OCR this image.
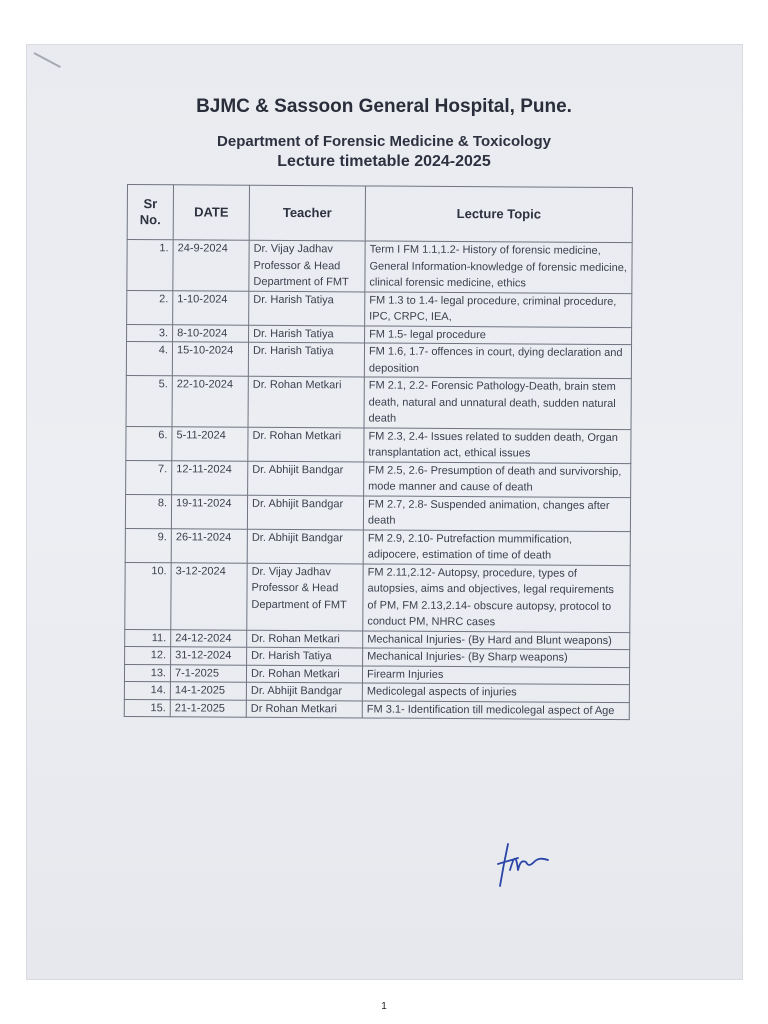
BJMC & Sassoon General Hospital, Pune.
Department of Forensic Medicine & Toxicology
Lecture timetable 2024-2025
Sr No.	DATE	Teacher	Lecture Topic
1.	24-9-2024	Dr. Vijay Jadhav Professor & Head Department of FMT	Term I FM 1.1,1.2- History of forensic medicine, General Information-knowledge of forensic medicine, clinical forensic medicine, ethics
2.	1-10-2024	Dr. Harish Tatiya	FM 1.3 to 1.4- legal procedure, criminal procedure, IPC, CRPC, IEA,
3.	8-10-2024	Dr. Harish Tatiya	FM 1.5- legal procedure
4.	15-10-2024	Dr. Harish Tatiya	FM 1.6, 1.7- offences in court, dying declaration and deposition
5.	22-10-2024	Dr. Rohan Metkari	FM 2.1, 2.2- Forensic Pathology-Death, brain stem death, natural and unnatural death, sudden natural death
6.	5-11-2024	Dr. Rohan Metkari	FM 2.3, 2.4- Issues related to sudden death, Organ transplantation act, ethical issues
7.	12-11-2024	Dr. Abhijit Bandgar	FM 2.5, 2.6- Presumption of death and survivorship, mode manner and cause of death
8.	19-11-2024	Dr. Abhijit Bandgar	FM 2.7, 2.8- Suspended animation, changes after death
9.	26-11-2024	Dr. Abhijit Bandgar	FM 2.9, 2.10- Putrefaction mummification, adipocere, estimation of time of death
10.	3-12-2024	Dr. Vijay Jadhav Professor & Head Department of FMT	FM 2.11,2.12- Autopsy, procedure, types of autopsies, aims and objectives, legal requirements of PM, FM 2.13,2.14- obscure autopsy, protocol to conduct PM, NHRC cases
11.	24-12-2024	Dr. Rohan Metkari	Mechanical Injuries- (By Hard and Blunt weapons)
12.	31-12-2024	Dr. Harish Tatiya	Mechanical Injuries- (By Sharp weapons)
13.	7-1-2025	Dr. Rohan Metkari	Firearm Injuries
14.	14-1-2025	Dr. Abhijit Bandgar	Medicolegal aspects of injuries
15.	21-1-2025	Dr Rohan Metkari	FM 3.1- Identification till medicolegal aspect of Age
1
